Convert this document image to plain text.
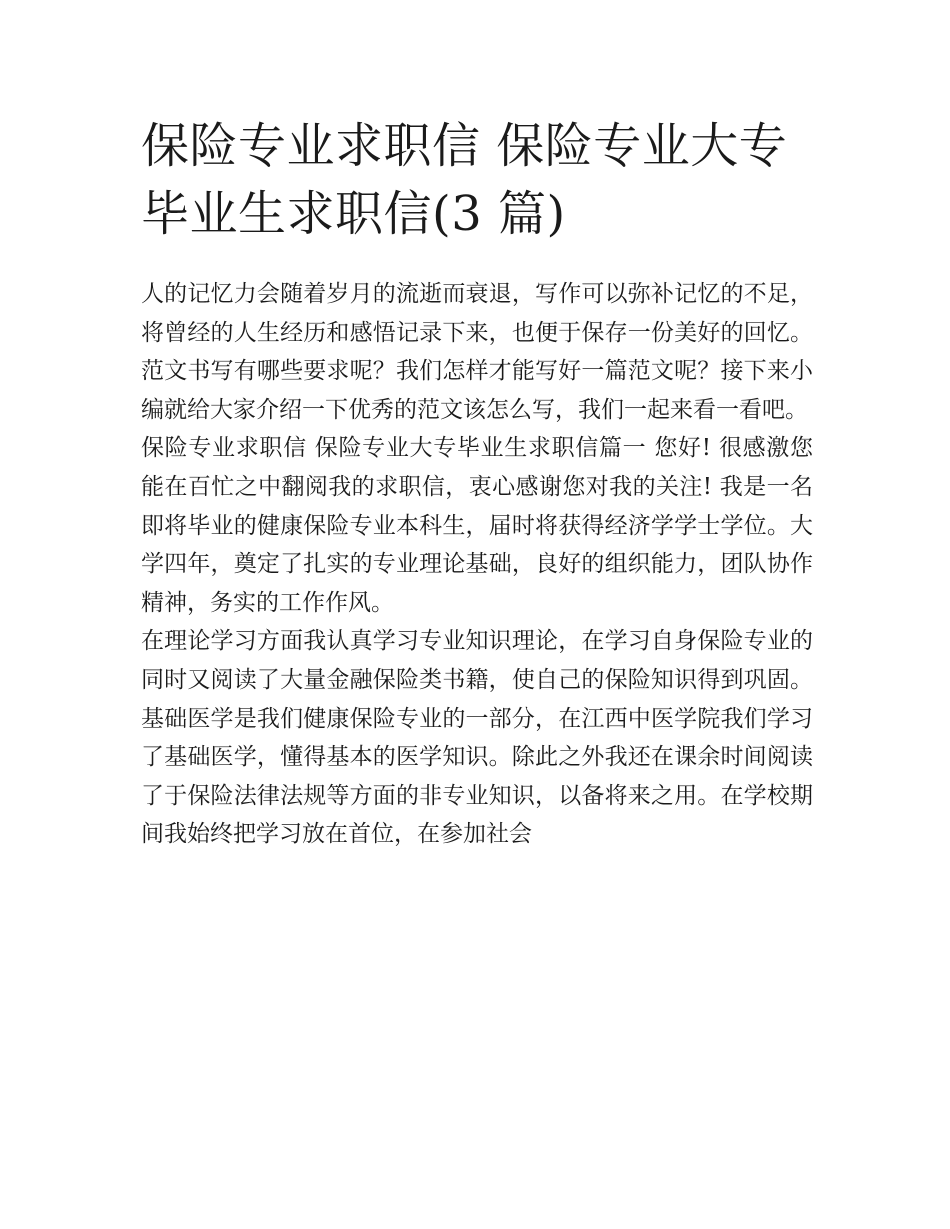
保险专业求职信 保险专业大专毕业生求职信(3 篇)

人的记忆力会随着岁月的流逝而衰退，写作可以弥补记忆的不足，将曾经的人生经历和感悟记录下来，也便于保存一份美好的回忆。范文书写有哪些要求呢？我们怎样才能写好一篇范文呢？接下来小编就给大家介绍一下优秀的范文该怎么写，我们一起来看一看吧。

保险专业求职信 保险专业大专毕业生求职信篇一 您好! 很感激您能在百忙之中翻阅我的求职信，衷心感谢您对我的关注! 我是一名即将毕业的健康保险专业本科生，届时将获得经济学学士学位。大学四年，奠定了扎实的专业理论基础，良好的组织能力，团队协作精神，务实的工作作风。

在理论学习方面我认真学习专业知识理论，在学习自身保险专业的同时又阅读了大量金融保险类书籍，使自己的保险知识得到巩固。基础医学是我们健康保险专业的一部分，在江西中医学院我们学习了基础医学，懂得基本的医学知识。除此之外我还在课余时间阅读了于保险法律法规等方面的非专业知识，以备将来之用。在学校期间我始终把学习放在首位，在参加社会
